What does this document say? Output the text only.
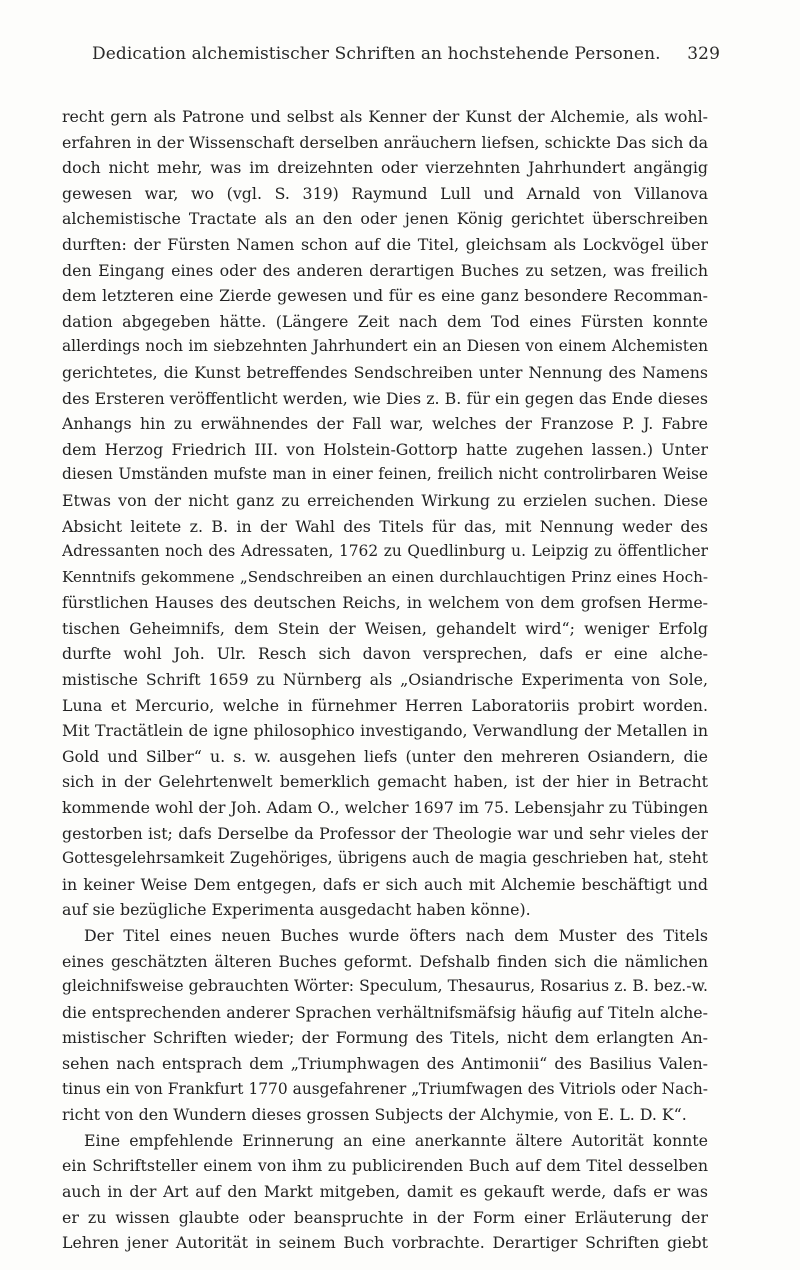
Dedication alchemistischer Schriften an hochstehende Personen. 329
recht gern als Patrone und selbst als Kenner der Kunst der Alchemie, als wohl-
erfahren in der Wissenschaft derselben anräuchern liefsen, schickte Das sich da
doch nicht mehr, was im dreizehnten oder vierzehnten Jahrhundert angängig
gewesen war, wo (vgl. S. 319) Raymund Lull und Arnald von Villanova
alchemistische Tractate als an den oder jenen König gerichtet überschreiben
durften: der Fürsten Namen schon auf die Titel, gleichsam als Lockvögel über
den Eingang eines oder des anderen derartigen Buches zu setzen, was freilich
dem letzteren eine Zierde gewesen und für es eine ganz besondere Recomman-
dation abgegeben hätte. (Längere Zeit nach dem Tod eines Fürsten konnte
allerdings noch im siebzehnten Jahrhundert ein an Diesen von einem Alchemisten
gerichtetes, die Kunst betreffendes Sendschreiben unter Nennung des Namens
des Ersteren veröffentlicht werden, wie Dies z. B. für ein gegen das Ende dieses
Anhangs hin zu erwähnendes der Fall war, welches der Franzose P. J. Fabre
dem Herzog Friedrich III. von Holstein-Gottorp hatte zugehen lassen.) Unter
diesen Umständen mufste man in einer feinen, freilich nicht controlirbaren Weise
Etwas von der nicht ganz zu erreichenden Wirkung zu erzielen suchen. Diese
Absicht leitete z. B. in der Wahl des Titels für das, mit Nennung weder des
Adressanten noch des Adressaten, 1762 zu Quedlinburg u. Leipzig zu öffentlicher
Kenntnifs gekommene „Sendschreiben an einen durchlauchtigen Prinz eines Hoch-
fürstlichen Hauses des deutschen Reichs, in welchem von dem grofsen Herme-
tischen Geheimnifs, dem Stein der Weisen, gehandelt wird“; weniger Erfolg
durfte wohl Joh. Ulr. Resch sich davon versprechen, dafs er eine alche-
mistische Schrift 1659 zu Nürnberg als „Osiandrische Experimenta von Sole,
Luna et Mercurio, welche in fürnehmer Herren Laboratoriis probirt worden.
Mit Tractätlein de igne philosophico investigando, Verwandlung der Metallen in
Gold und Silber“ u. s. w. ausgehen liefs (unter den mehreren Osiandern, die
sich in der Gelehrtenwelt bemerklich gemacht haben, ist der hier in Betracht
kommende wohl der Joh. Adam O., welcher 1697 im 75. Lebensjahr zu Tübingen
gestorben ist; dafs Derselbe da Professor der Theologie war und sehr vieles der
Gottesgelehrsamkeit Zugehöriges, übrigens auch de magia geschrieben hat, steht
in keiner Weise Dem entgegen, dafs er sich auch mit Alchemie beschäftigt und
auf sie bezügliche Experimenta ausgedacht haben könne).
Der Titel eines neuen Buches wurde öfters nach dem Muster des Titels
eines geschätzten älteren Buches geformt. Defshalb finden sich die nämlichen
gleichnifsweise gebrauchten Wörter: Speculum, Thesaurus, Rosarius z. B. bez.-w.
die entsprechenden anderer Sprachen verhältnifsmäfsig häufig auf Titeln alche-
mistischer Schriften wieder; der Formung des Titels, nicht dem erlangten An-
sehen nach entsprach dem „Triumphwagen des Antimonii“ des Basilius Valen-
tinus ein von Frankfurt 1770 ausgefahrener „Triumfwagen des Vitriols oder Nach-
richt von den Wundern dieses grossen Subjects der Alchymie, von E. L. D. K“.
Eine empfehlende Erinnerung an eine anerkannte ältere Autorität konnte
ein Schriftsteller einem von ihm zu publicirenden Buch auf dem Titel desselben
auch in der Art auf den Markt mitgeben, damit es gekauft werde, dafs er was
er zu wissen glaubte oder beanspruchte in der Form einer Erläuterung der
Lehren jener Autorität in seinem Buch vorbrachte. Derartiger Schriften giebt
